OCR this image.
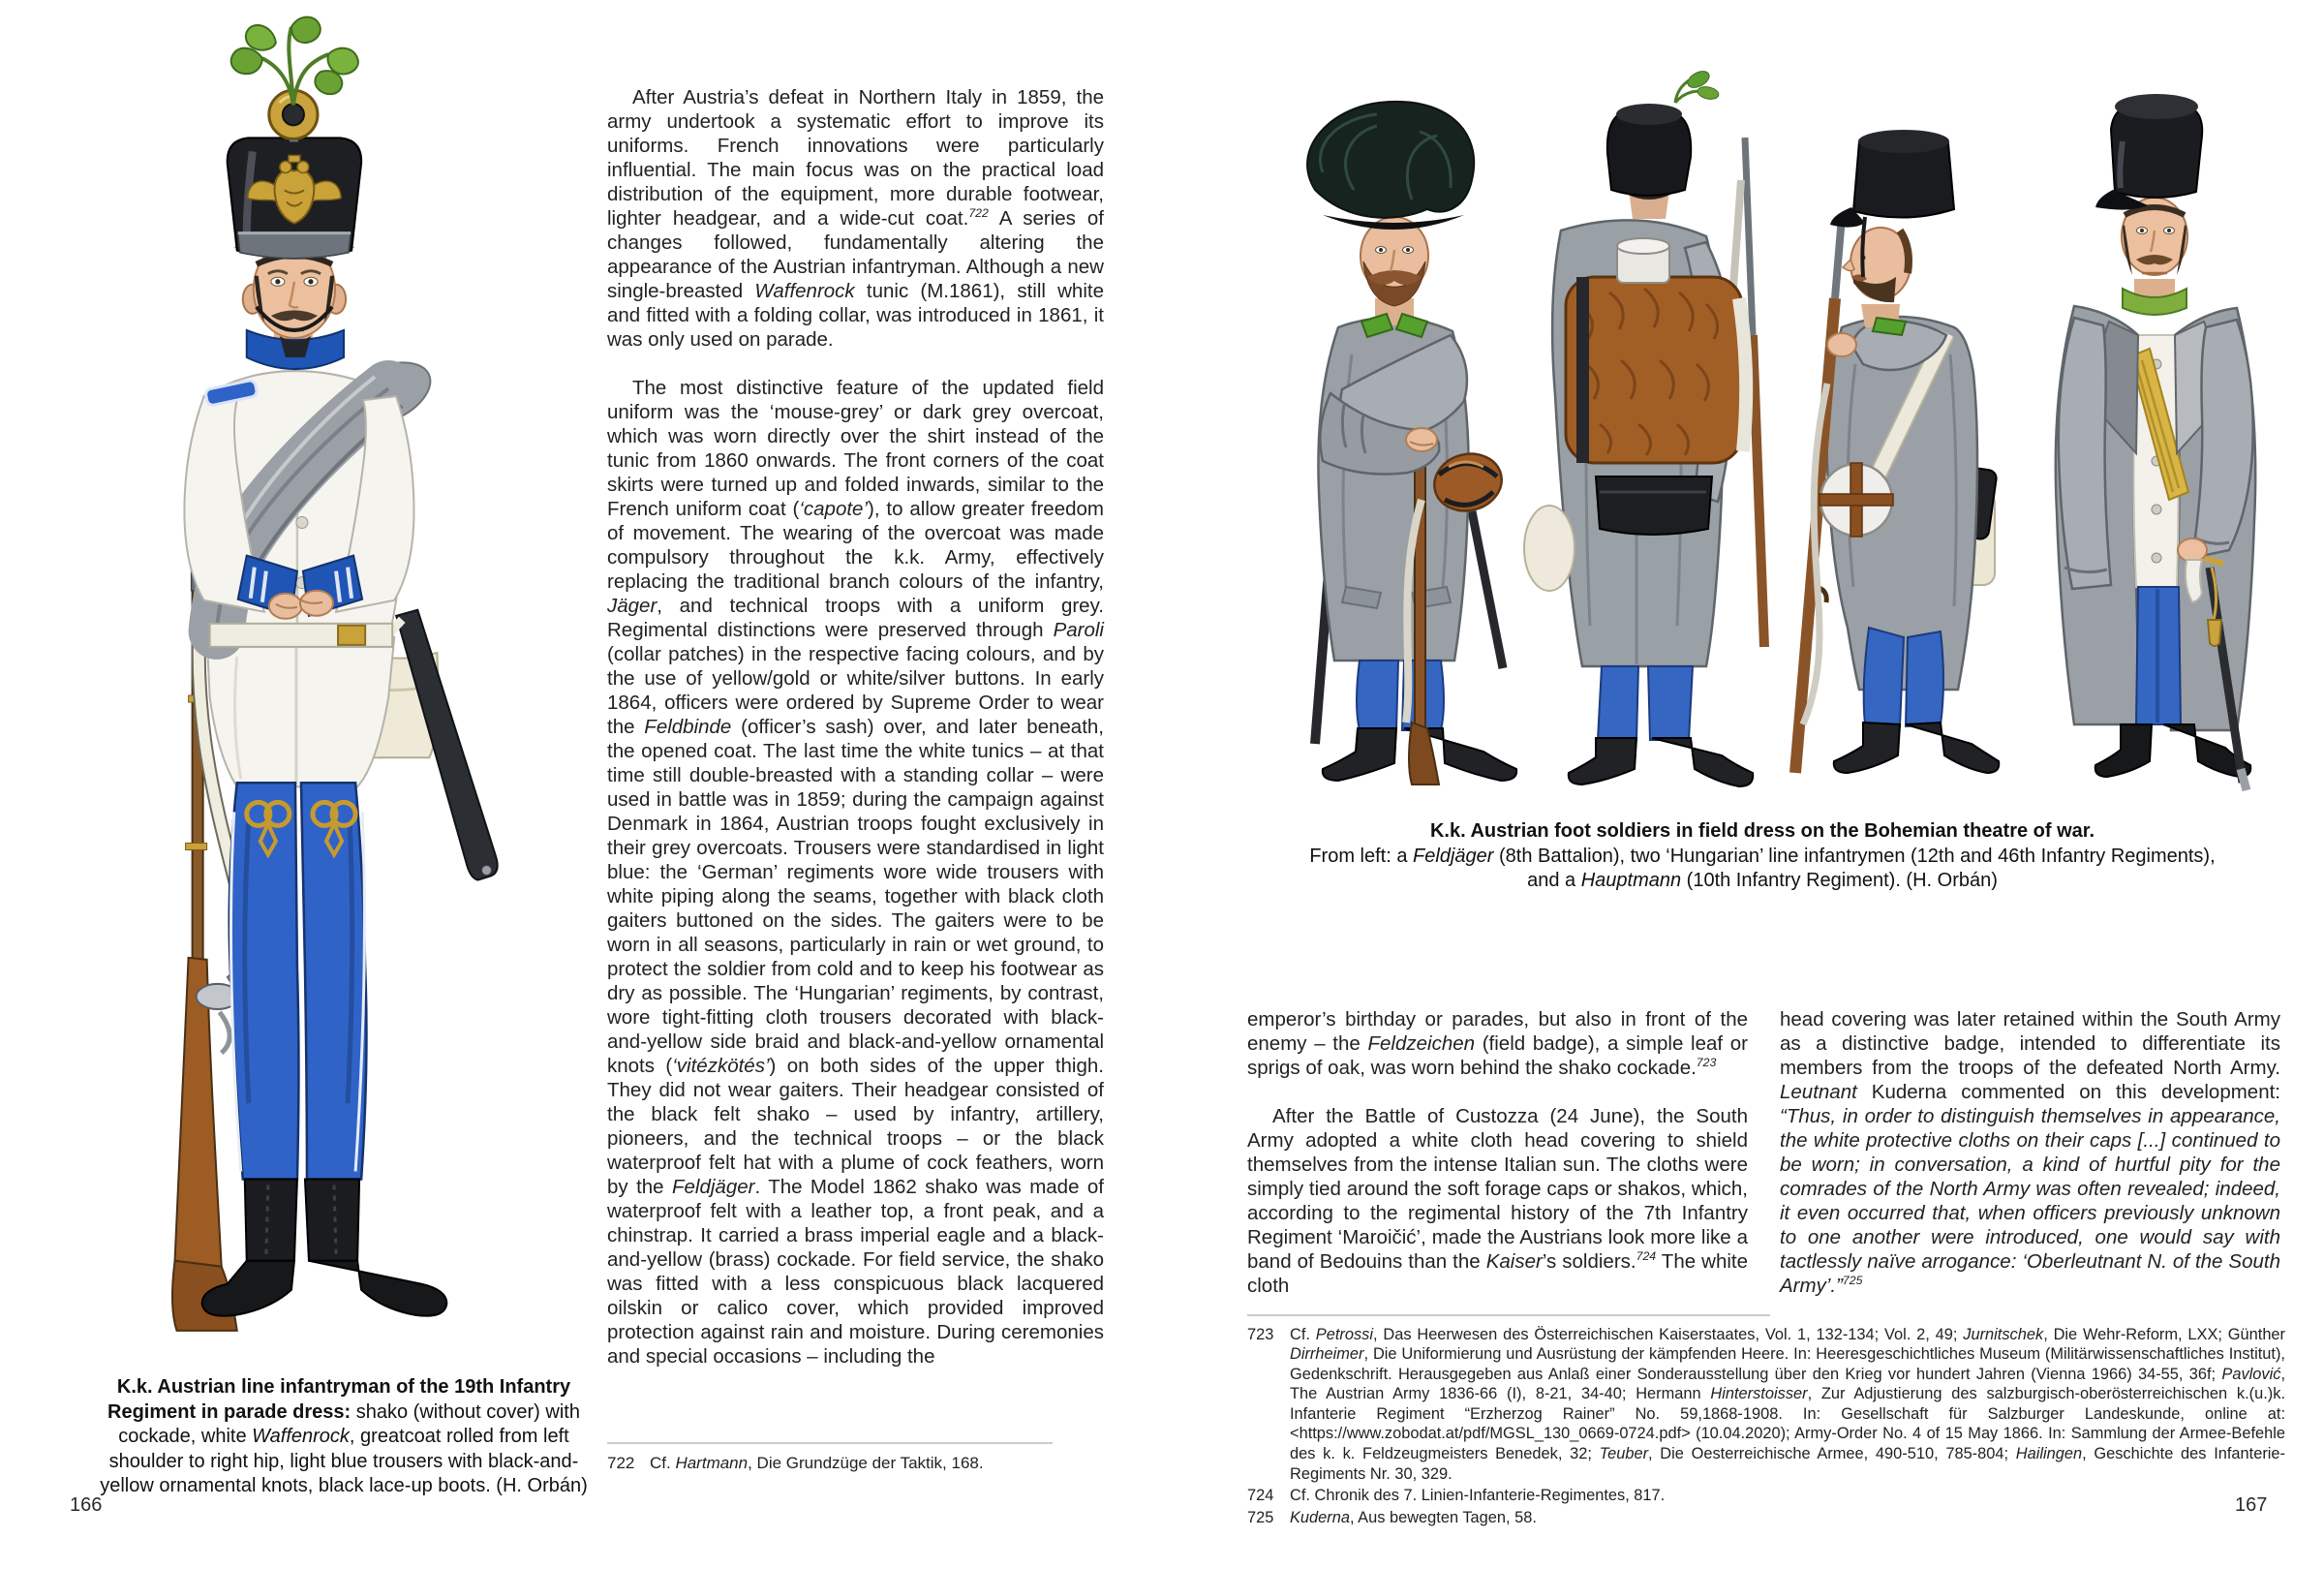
After Austria’s defeat in Northern Italy in 1859, the army undertook a systematic effort to improve its uniforms. French innovations were particularly influential. The main focus was on the practical load distribution of the equipment, more durable footwear, lighter headgear, and a wide-cut coat.$^{722}$ A series of changes followed, fundamentally altering the appearance of the Austrian infantryman. Although a new single-breasted Waffenrock tunic (M.1861), still white and fitted with a folding collar, was introduced in 1861, it was only used on parade.

The most distinctive feature of the updated field uniform was the ‘mouse-grey’ or dark grey overcoat, which was worn directly over the shirt instead of the tunic from 1860 onwards. The front corners of the coat skirts were turned up and folded inwards, similar to the French uniform coat (‘capote’), to allow greater freedom of movement. The wearing of the overcoat was made compulsory throughout the k.k. Army, effectively replacing the traditional branch colours of the infantry, Jäger, and technical troops with a uniform grey. Regimental distinctions were preserved through Paroli (collar patches) in the respective facing colours, and by the use of yellow/gold or white/silver buttons. In early 1864, officers were ordered by Supreme Order to wear the Feldbinde (officer’s sash) over, and later beneath, the opened coat. The last time the white tunics – at that time still double-breasted with a standing collar – were used in battle was in 1859; during the campaign against Denmark in 1864, Austrian troops fought exclusively in their grey overcoats. Trousers were standardised in light blue: the ‘German’ regiments wore wide trousers with white piping along the seams, together with black cloth gaiters buttoned on the sides. The gaiters were to be worn in all seasons, particularly in rain or wet ground, to protect the soldier from cold and to keep his footwear as dry as possible. The ‘Hungarian’ regiments, by contrast, wore tight-fitting cloth trousers decorated with black-and-yellow side braid and black-and-yellow ornamental knots (‘vitézkötés’) on both sides of the upper thigh. They did not wear gaiters. Their headgear consisted of the black felt shako – used by infantry, artillery, pioneers, and the technical troops – or the black waterproof felt hat with a plume of cock feathers, worn by the Feldjäger. The Model 1862 shako was made of waterproof felt with a leather top, a front peak, and a chinstrap. It carried a brass imperial eagle and a black-and-yellow (brass) cockade. For field service, the shako was fitted with a less conspicuous black lacquered oilskin or calico cover, which provided improved protection against rain and moisture. During ceremonies and special occasions – including the

K.k. Austrian line infantryman of the 19th Infantry Regiment in parade dress: shako (without cover) with cockade, white Waffenrock, greatcoat rolled from left shoulder to right hip, light blue trousers with black-and-yellow ornamental knots, black lace-up boots. (H. Orbán)
722 Cf. Hartmann, Die Grundzüge der Taktik, 168.
166
K.k. Austrian foot soldiers in field dress on the Bohemian theatre of war.
From left: a Feldjäger (8th Battalion), two ‘Hungarian’ line infantrymen (12th and 46th Infantry Regiments),
and a Hauptmann (10th Infantry Regiment). (H. Orbán)

emperor’s birthday or parades, but also in front of the enemy – the Feldzeichen (field badge), a simple leaf or sprigs of oak, was worn behind the shako cockade.$^{723}$

After the Battle of Custozza (24 June), the South Army adopted a white cloth head covering to shield themselves from the intense Italian sun. The cloths were simply tied around the soft forage caps or shakos, which, according to the regimental history of the 7th Infantry Regiment ‘Maroičić’, made the Austrians look more like a band of Bedouins than the Kaiser’s soldiers.$^{724}$ The white cloth

head covering was later retained within the South Army as a distinctive badge, intended to differentiate its members from the troops of the defeated North Army. Leutnant Kuderna commented on this development: “Thus, in order to distinguish themselves in appearance, the white protective cloths on their caps [...] continued to be worn; in conversation, a kind of hurtful pity for the comrades of the North Army was often revealed; indeed, it even occurred that, when officers previously unknown to one another were introduced, one would say with tactlessly naïve arrogance: ‘Oberleutnant N. of the South Army’.”$^{725}$

723	Cf. Petrossi, Das Heerwesen des Österreichischen Kaiserstaates, Vol. 1, 132-134; Vol. 2, 49; Jurnitschek, Die Wehr-Reform, LXX; Günther Dirrheimer, Die Uniformierung und Ausrüstung der kämpfenden Heere. In: Heeresgeschichtliches Museum (Militärwissenschaftliches Institut), Gedenkschrift. Herausgegeben aus Anlaß einer Sonderausstellung über den Krieg vor hundert Jahren (Vienna 1966) 34-55, 36f; Pavlović, The Austrian Army 1836-66 (I), 8-21, 34-40; Hermann Hinterstoisser, Zur Adjustierung des salzburgisch-oberösterreichischen k.(u.)k. Infanterie Regiment “Erzherzog Rainer” No. 59,1868-1908. In: Gesellschaft für Salzburger Landeskunde, online at: <https://www.zobodat.at/pdf/MGSL_130_0669-0724.pdf> (10.04.2020); Army-Order No. 4 of 15 May 1866. In: Sammlung der Armee-Befehle des k. k. Feldzeugmeisters Benedek, 32; Teuber, Die Oesterreichische Armee, 490-510, 785-804; Hailingen, Geschichte des Infanterie-Regiments Nr. 30, 329.
724	Cf. Chronik des 7. Linien-Infanterie-Regimentes, 817.
725	Kuderna, Aus bewegten Tagen, 58.
167
